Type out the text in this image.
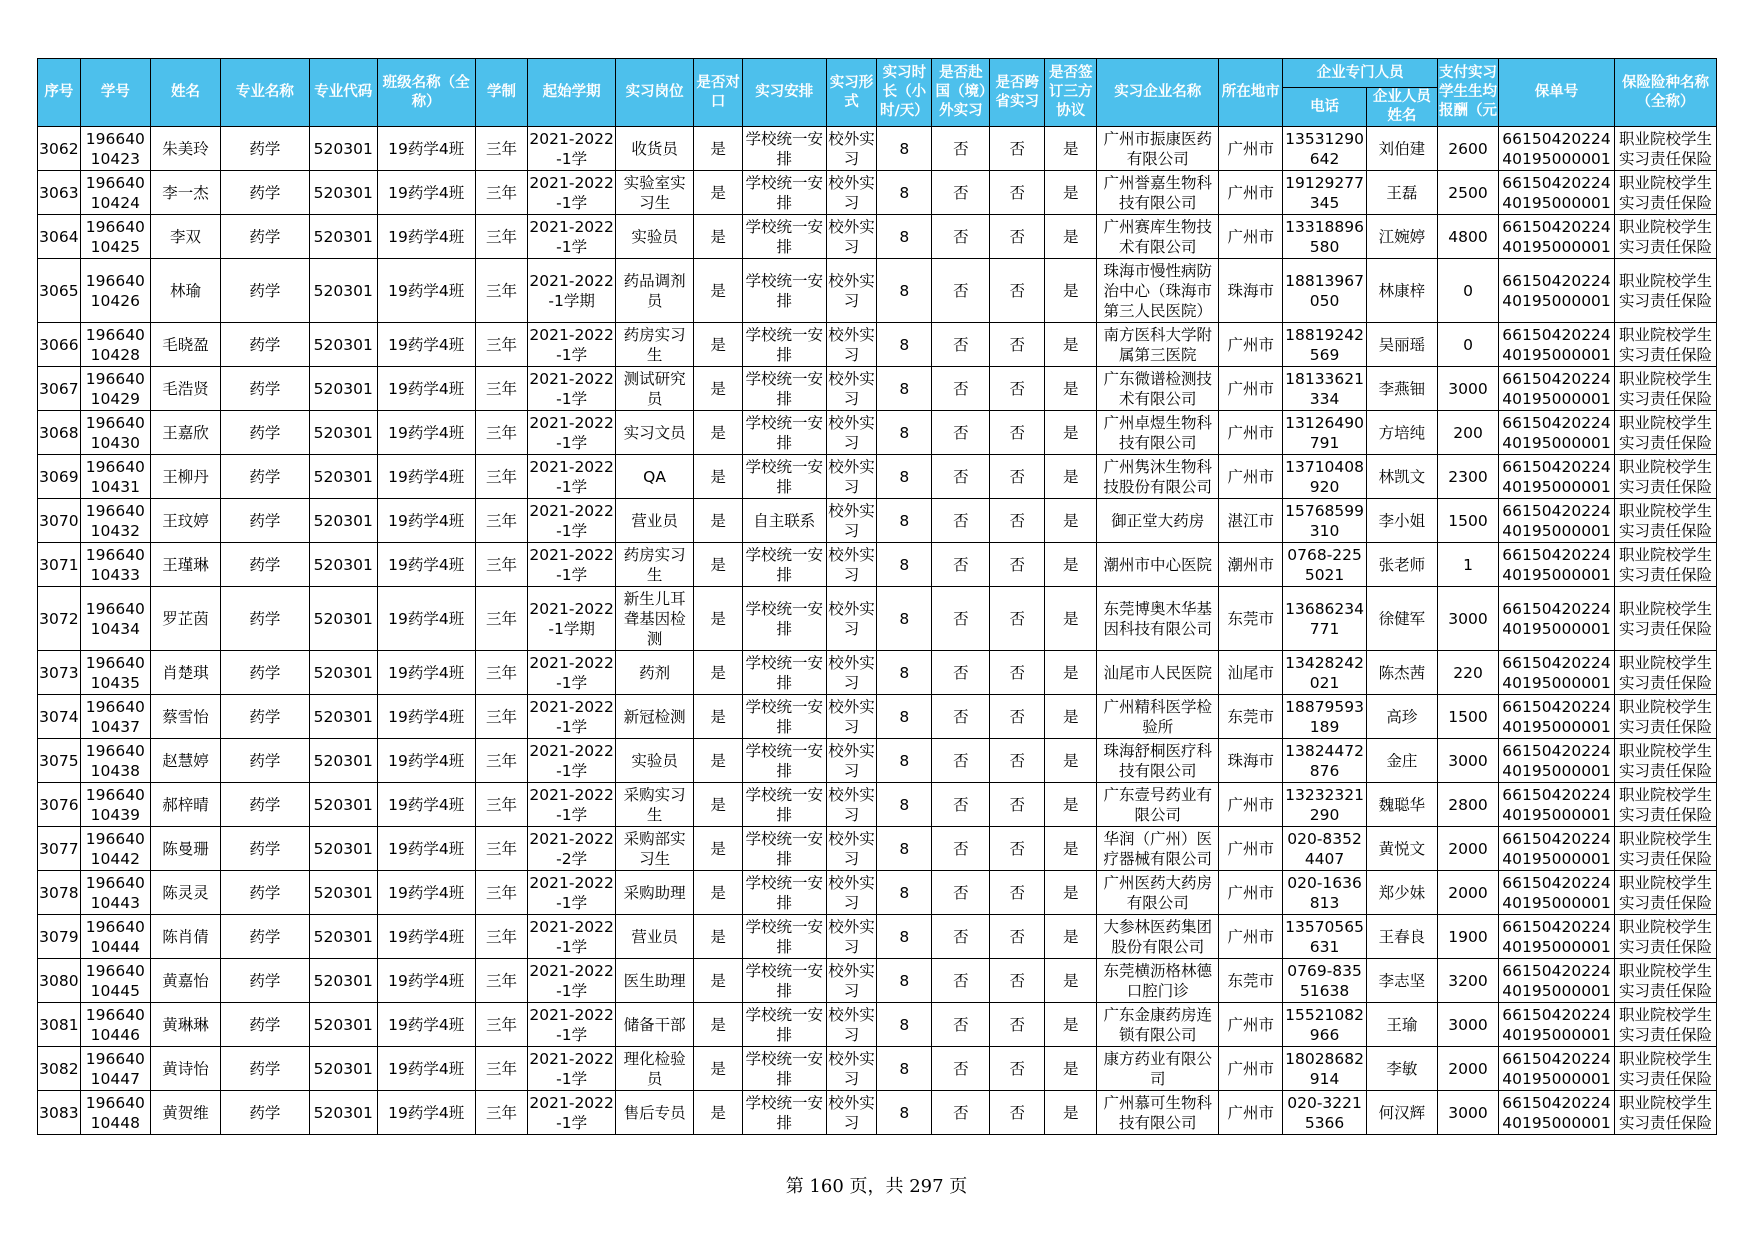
序号	学号	姓名	专业名称	专业代码	班级名称（全称）	学制	起始学期	实习岗位	是否对口	实习安排	实习形式	实习时长（小时/天）	是否赴国（境）外实习	是否跨省实习	是否签订三方协议	实习企业名称	所在地市	企业专门人员		支付实习学生生均报酬（元	保单号	保险险种名称（全称）
																		电话	企业人员姓名			
3062	19664010423	朱美玲	药学	520301	19药学4班	三年	2021-2022-1学	收货员	是	学校统一安排	校外实习	8	否	否	是	广州市振康医药有限公司	广州市	13531290642	刘伯建	2600	6615042022440195000001	职业院校学生实习责任保险
3063	19664010424	李一杰	药学	520301	19药学4班	三年	2021-2022-1学	实验室实习生	是	学校统一安排	校外实习	8	否	否	是	广州誉嘉生物科技有限公司	广州市	19129277345	王磊	2500	6615042022440195000001	职业院校学生实习责任保险
3064	19664010425	李双	药学	520301	19药学4班	三年	2021-2022-1学	实验员	是	学校统一安排	校外实习	8	否	否	是	广州赛库生物技术有限公司	广州市	13318896580	江婉婷	4800	6615042022440195000001	职业院校学生实习责任保险
3065	19664010426	林瑜	药学	520301	19药学4班	三年	2021-2022-1学期	药品调剂员	是	学校统一安排	校外实习	8	否	否	是	珠海市慢性病防治中心（珠海市第三人民医院）	珠海市	18813967050	林康梓	0	6615042022440195000001	职业院校学生实习责任保险
3066	19664010428	毛晓盈	药学	520301	19药学4班	三年	2021-2022-1学	药房实习生	是	学校统一安排	校外实习	8	否	否	是	南方医科大学附属第三医院	广州市	18819242569	吴丽瑶	0	6615042022440195000001	职业院校学生实习责任保险
3067	19664010429	毛浩贤	药学	520301	19药学4班	三年	2021-2022-1学	测试研究员	是	学校统一安排	校外实习	8	否	否	是	广东微谱检测技术有限公司	广州市	18133621334	李燕钿	3000	6615042022440195000001	职业院校学生实习责任保险
3068	19664010430	王嘉欣	药学	520301	19药学4班	三年	2021-2022-1学	实习文员	是	学校统一安排	校外实习	8	否	否	是	广州卓煜生物科技有限公司	广州市	13126490791	方培纯	200	6615042022440195000001	职业院校学生实习责任保险
3069	19664010431	王柳丹	药学	520301	19药学4班	三年	2021-2022-1学	QA	是	学校统一安排	校外实习	8	否	否	是	广州隽沐生物科技股份有限公司	广州市	13710408920	林凯文	2300	6615042022440195000001	职业院校学生实习责任保险
3070	19664010432	王玟婷	药学	520301	19药学4班	三年	2021-2022-1学	营业员	是	自主联系	校外实习	8	否	否	是	御正堂大药房	湛江市	15768599310	李小姐	1500	6615042022440195000001	职业院校学生实习责任保险
3071	19664010433	王瑾琳	药学	520301	19药学4班	三年	2021-2022-1学	药房实习生	是	学校统一安排	校外实习	8	否	否	是	潮州市中心医院	潮州市	0768-2255021	张老师	1	6615042022440195000001	职业院校学生实习责任保险
3072	19664010434	罗芷茵	药学	520301	19药学4班	三年	2021-2022-1学期	新生儿耳聋基因检测	是	学校统一安排	校外实习	8	否	否	是	东莞博奥木华基因科技有限公司	东莞市	13686234771	徐健军	3000	6615042022440195000001	职业院校学生实习责任保险
3073	19664010435	肖楚琪	药学	520301	19药学4班	三年	2021-2022-1学	药剂	是	学校统一安排	校外实习	8	否	否	是	汕尾市人民医院	汕尾市	13428242021	陈杰茜	220	6615042022440195000001	职业院校学生实习责任保险
3074	19664010437	蔡雪怡	药学	520301	19药学4班	三年	2021-2022-1学	新冠检测	是	学校统一安排	校外实习	8	否	否	是	广州精科医学检验所	东莞市	18879593189	高珍	1500	6615042022440195000001	职业院校学生实习责任保险
3075	19664010438	赵慧婷	药学	520301	19药学4班	三年	2021-2022-1学	实验员	是	学校统一安排	校外实习	8	否	否	是	珠海舒桐医疗科技有限公司	珠海市	13824472876	金庄	3000	6615042022440195000001	职业院校学生实习责任保险
3076	19664010439	郝梓晴	药学	520301	19药学4班	三年	2021-2022-1学	采购实习生	是	学校统一安排	校外实习	8	否	否	是	广东壹号药业有限公司	广州市	13232321290	魏聪华	2800	6615042022440195000001	职业院校学生实习责任保险
3077	19664010442	陈曼珊	药学	520301	19药学4班	三年	2021-2022-2学	采购部实习生	是	学校统一安排	校外实习	8	否	否	是	华润（广州）医疗器械有限公司	广州市	020-83524407	黄悦文	2000	6615042022440195000001	职业院校学生实习责任保险
3078	19664010443	陈灵灵	药学	520301	19药学4班	三年	2021-2022-1学	采购助理	是	学校统一安排	校外实习	8	否	否	是	广州医药大药房有限公司	广州市	020-1636813	郑少妹	2000	6615042022440195000001	职业院校学生实习责任保险
3079	19664010444	陈肖倩	药学	520301	19药学4班	三年	2021-2022-1学	营业员	是	学校统一安排	校外实习	8	否	否	是	大参林医药集团股份有限公司	广州市	13570565631	王春良	1900	6615042022440195000001	职业院校学生实习责任保险
3080	19664010445	黄嘉怡	药学	520301	19药学4班	三年	2021-2022-1学	医生助理	是	学校统一安排	校外实习	8	否	否	是	东莞横沥格林德口腔门诊	东莞市	0769-83551638	李志坚	3200	6615042022440195000001	职业院校学生实习责任保险
3081	19664010446	黄琳琳	药学	520301	19药学4班	三年	2021-2022-1学	储备干部	是	学校统一安排	校外实习	8	否	否	是	广东金康药房连锁有限公司	广州市	15521082966	王瑜	3000	6615042022440195000001	职业院校学生实习责任保险
3082	19664010447	黄诗怡	药学	520301	19药学4班	三年	2021-2022-1学	理化检验员	是	学校统一安排	校外实习	8	否	否	是	康方药业有限公司	广州市	18028682914	李敏	2000	6615042022440195000001	职业院校学生实习责任保险
3083	19664010448	黄贺维	药学	520301	19药学4班	三年	2021-2022-1学	售后专员	是	学校统一安排	校外实习	8	否	否	是	广州慕可生物科技有限公司	广州市	020-32215366	何汉辉	3000	6615042022440195000001	职业院校学生实习责任保险
第 160 页，共 297 页
